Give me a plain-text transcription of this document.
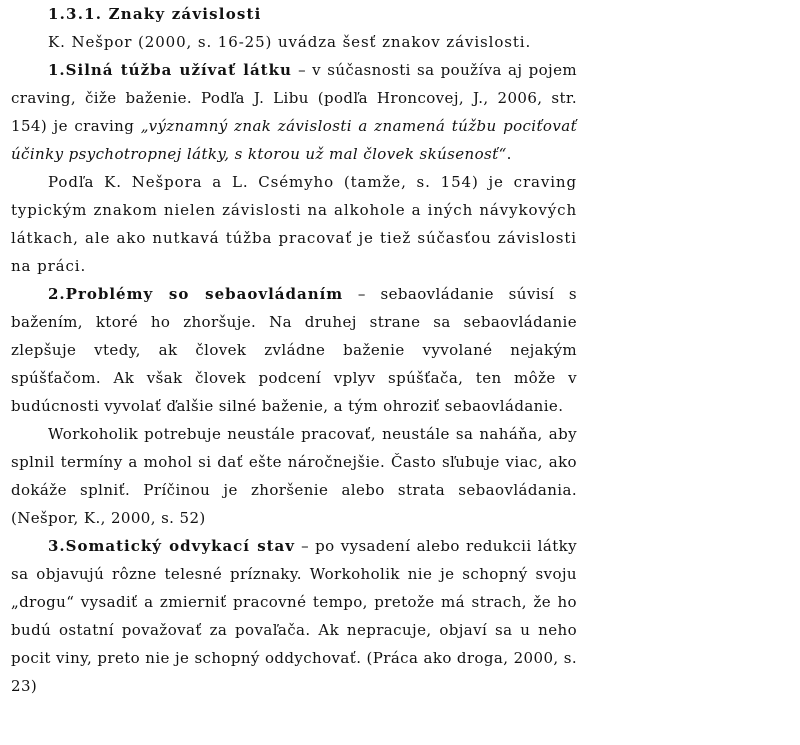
1.3.1. Znaky závislosti

K. Nešpor (2000, s. 16-25) uvádza šesť znakov závislosti.

1.Silná túžba užívať látku – v súčasnosti sa používa aj pojem craving, čiže baženie. Podľa J. Libu (podľa Hroncovej, J., 2006, str. 154) je craving „významný znak závislosti a znamená túžbu pociťovať účinky psychotropnej látky, s ktorou už mal človek skúsenosť“.

Podľa K. Nešpora a L. Csémyho (tamže, s. 154) je craving typickým znakom nielen závislosti na alkohole a iných návykových látkach, ale ako nutkavá túžba pracovať je tiež súčasťou závislosti na práci.

2.Problémy so sebaovládaním – sebaovládanie súvisí s bažením, ktoré ho zhoršuje. Na druhej strane sa sebaovládanie zlepšuje vtedy, ak človek zvládne baženie vyvolané nejakým spúšťačom. Ak však človek podcení vplyv spúšťača, ten môže v budúcnosti vyvolať ďalšie silné baženie, a tým ohroziť sebaovládanie.

Workoholik potrebuje neustále pracovať, neustále sa naháňa, aby splnil termíny a mohol si dať ešte náročnejšie. Často sľubuje viac, ako dokáže splniť. Príčinou je zhoršenie alebo strata sebaovládania. (Nešpor, K., 2000, s. 52)

3.Somatický odvykací stav – po vysadení alebo redukcii látky sa objavujú rôzne telesné príznaky. Workoholik nie je schopný svoju „drogu“ vysadiť a zmierniť pracovné tempo, pretože má strach, že ho budú ostatní považovať za povaľača. Ak nepracuje, objaví sa u neho pocit viny, preto nie je schopný oddychovať. (Práca ako droga, 2000, s. 23)
